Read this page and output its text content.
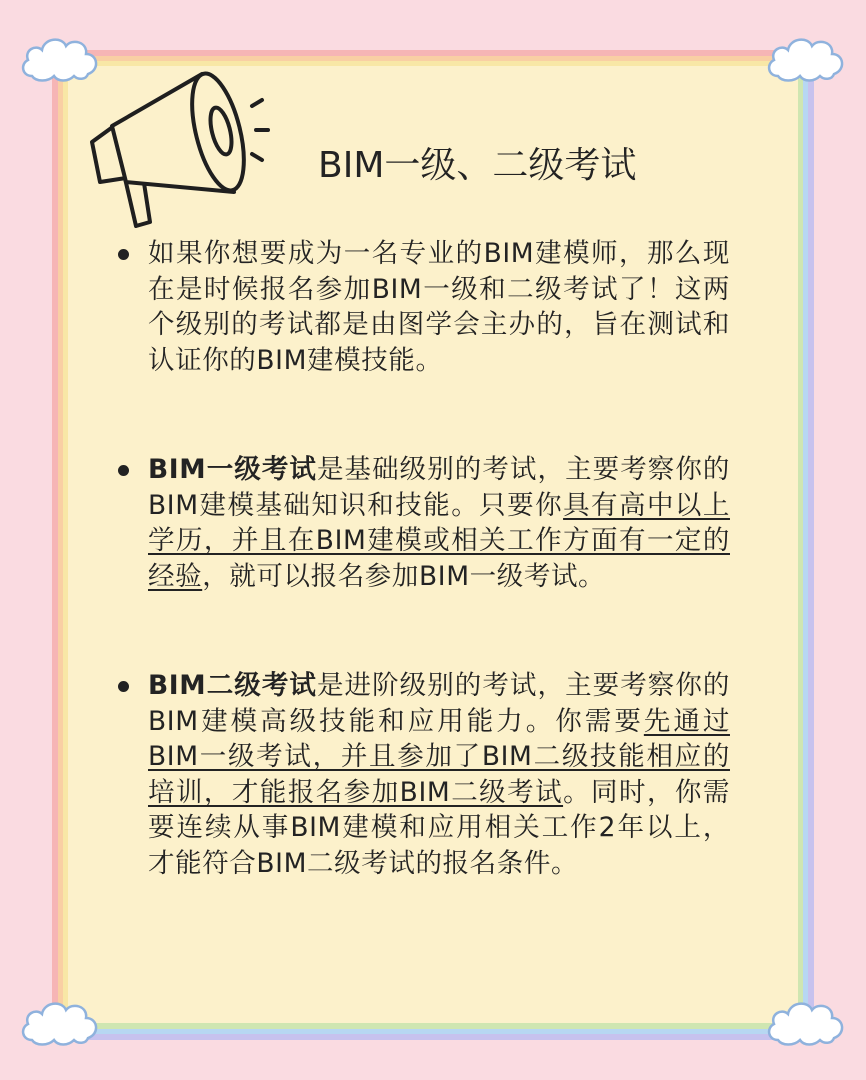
BIM一级、二级考试
如果你想要成为一名专业的BIM建模师，那么现在是时候报名参加BIM一级和二级考试了！这两个级别的考试都是由图学会主办的，旨在测试和认证你的BIM建模技能。
BIM一级考试是基础级别的考试，主要考察你的BIM建模基础知识和技能。只要你具有高中以上学历，并且在BIM建模或相关工作方面有一定的经验，就可以报名参加BIM一级考试。
BIM二级考试是进阶级别的考试，主要考察你的BIM建模高级技能和应用能力。你需要先通过BIM一级考试，并且参加了BIM二级技能相应的培训，才能报名参加BIM二级考试。同时，你需要连续从事BIM建模和应用相关工作2年以上，才能符合BIM二级考试的报名条件。
